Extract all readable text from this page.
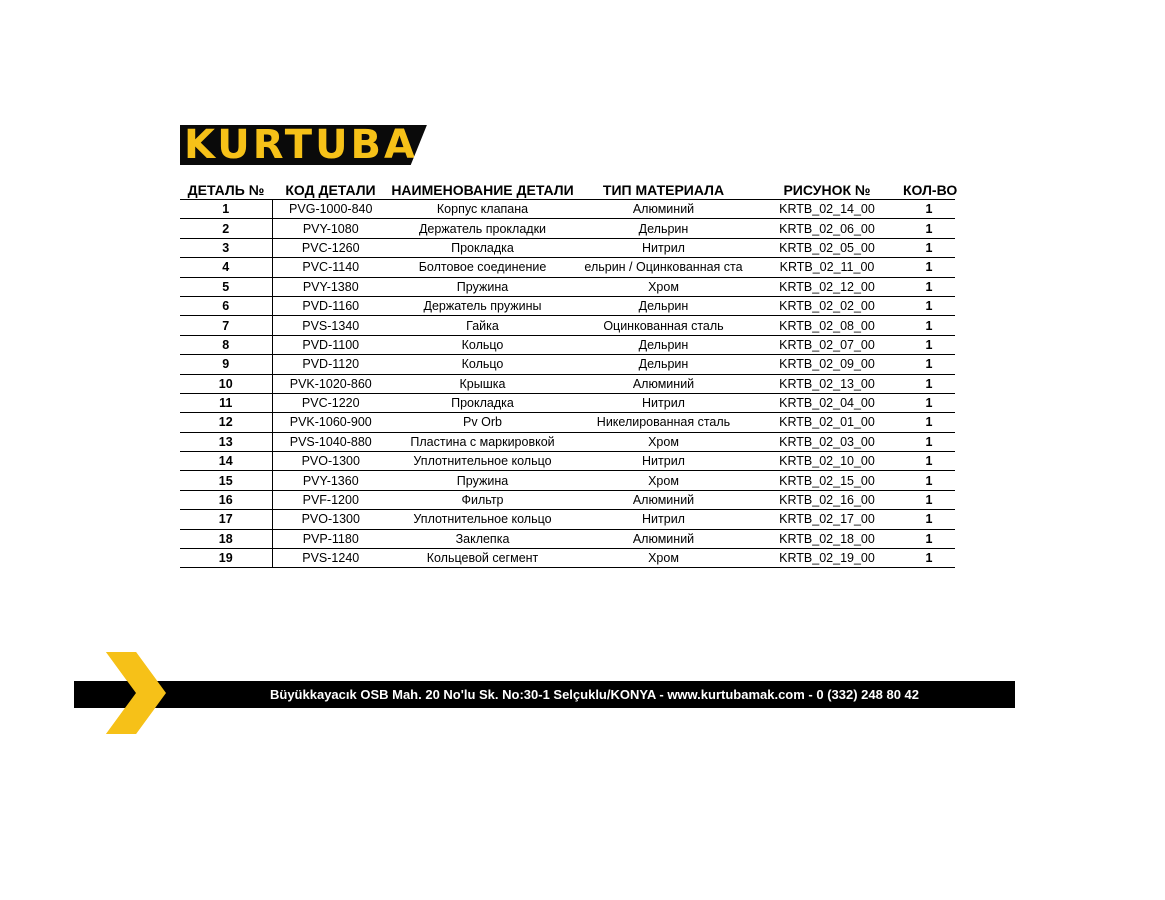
KURTUBA
ДЕТАЛЬ №	КОД ДЕТАЛИ	НАИМЕНОВАНИЕ ДЕТАЛИ	ТИП МАТЕРИАЛА	РИСУНОК №	КОЛ-ВО
1	PVG-1000-840	Корпус клапана	Алюминий	KRTB_02_14_00	1
2	PVY-1080	Держатель прокладки	Дельрин	KRTB_02_06_00	1
3	PVC-1260	Прокладка	Нитрил	KRTB_02_05_00	1
4	PVC-1140	Болтовое соединение	ельрин / Оцинкованная ста	KRTB_02_11_00	1
5	PVY-1380	Пружина	Хром	KRTB_02_12_00	1
6	PVD-1160	Держатель пружины	Дельрин	KRTB_02_02_00	1
7	PVS-1340	Гайка	Оцинкованная сталь	KRTB_02_08_00	1
8	PVD-1100	Кольцо	Дельрин	KRTB_02_07_00	1
9	PVD-1120	Кольцо	Дельрин	KRTB_02_09_00	1
10	PVK-1020-860	Крышка	Алюминий	KRTB_02_13_00	1
11	PVC-1220	Прокладка	Нитрил	KRTB_02_04_00	1
12	PVK-1060-900	Pv Orb	Никелированная сталь	KRTB_02_01_00	1
13	PVS-1040-880	Пластина с маркировкой	Хром	KRTB_02_03_00	1
14	PVO-1300	Уплотнительное кольцо	Нитрил	KRTB_02_10_00	1
15	PVY-1360	Пружина	Хром	KRTB_02_15_00	1
16	PVF-1200	Фильтр	Алюминий	KRTB_02_16_00	1
17	PVO-1300	Уплотнительное кольцо	Нитрил	KRTB_02_17_00	1
18	PVP-1180	Заклепка	Алюминий	KRTB_02_18_00	1
19	PVS-1240	Кольцевой сегмент	Хром	KRTB_02_19_00	1
Büyükkayacık OSB Mah. 20 No'lu Sk. No:30-1 Selçuklu/KONYA - www.kurtubamak.com - 0 (332) 248 80 42
